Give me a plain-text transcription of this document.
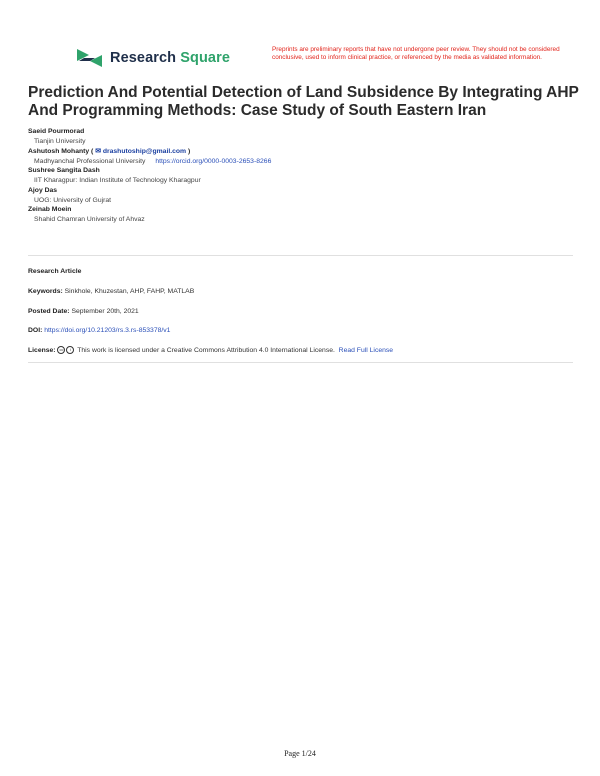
Research Square
Preprints are preliminary reports that have not undergone peer review. They should not be considered conclusive, used to inform clinical practice, or referenced by the media as validated information.
Prediction And Potential Detection of Land Subsidence By Integrating AHP And Programming Methods: Case Study of South Eastern Iran
Saeid Pourmorad
Tianjin University
Ashutosh Mohanty ( ✉ drashutoship@gmail.com )
Madhyanchal Professional University https://orcid.org/0000-0003-2653-8266
Sushree Sangita Dash
IIT Kharagpur: Indian Institute of Technology Kharagpur
Ajoy Das
UOG: University of Gujrat
Zeinab Moein
Shahid Chamran University of Ahvaz
Research Article
Keywords: Sinkhole, Khuzestan, AHP, FAHP, MATLAB
Posted Date: September 20th, 2021
DOI: https://doi.org/10.21203/rs.3.rs-853378/v1
License: cc i This work is licensed under a Creative Commons Attribution 4.0 International License. Read Full License
Page 1/24
